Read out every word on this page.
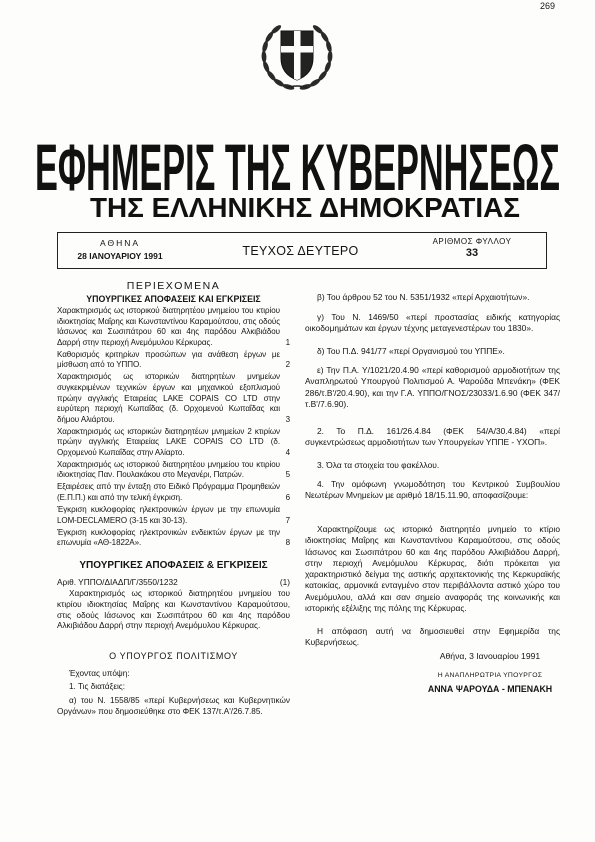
269
ΕΦΗΜΕΡΙΣ ΤΗΣ ΚΥΒΕΡΝΗΣΕΩΣ
ΤΗΣ ΕΛΛΗΝΙΚΗΣ ΔΗΜΟΚΡΑΤΙΑΣ
ΑΘΗΝΑ
28 ΙΑΝΟΥΑΡΙΟΥ 1991	ΤΕΥΧΟΣ ΔΕΥΤΕΡΟ
ΑΡΙΘΜΟΣ ΦΥΛΛΟΥ
33
ΠΕΡΙΕΧΟΜΕΝΑ
ΥΠΟΥΡΓΙΚΕΣ ΑΠΟΦΑΣΕΙΣ ΚΑΙ ΕΓΚΡΙΣΕΙΣ
Χαρακτηρισμός ως ιστορικού διατηρητέου μνημείου του κτιρίου ιδιοκτησίας Μαΐρης και Κωνσταντίνου Καραμούτσου, στις οδούς Ιάσωνος και Σωσιπάτρου 60 και 4ης παρόδου Αλκιβιάδου Δαρρή στην περιοχή Ανεμόμυλου Κέρκυρας.	1
Καθορισμός κριτηρίων προσώπων για ανάθεση έργων με μίσθωση από το ΥΠΠΟ.	2
Χαρακτηρισμός ως ιστορικών διατηρητέων μνημείων συγκεκριμένων τεχνικών έργων και μηχανικού εξοπλισμού πρώην αγγλικής Εταιρείας LAKE COPAIS CO LTD στην ευρύτερη περιοχή Κωπαΐδας (δ. Ορχομενού Κωπαΐδας και δήμου Αλιάρτου.	3
Χαρακτηρισμός ως ιστορικών διατηρητέων μνημείων 2 κτιρίων πρώην αγγλικής Εταιρείας LAKE COPAIS CO LTD (δ. Ορχομενού Κωπαΐδας στην Αλίαρτο.	4
Χαρακτηρισμός ως ιστορικού διατηρητέου μνημείου του κτιρίου ιδιοκτησίας Παν. Πουλακάκου στο Μεγανέρι, Πατρών.	5
Εξαιρέσεις από την ένταξη στο Ειδικό Πρόγραμμα Προμηθειών (Ε.Π.Π.) και από την τελική έγκριση.	6
Έγκριση κυκλοφορίας ηλεκτρονικών έργων με την επωνυμία LOM-DECLAMERO (3-15 και 30-13).	7
Έγκριση κυκλοφορίας ηλεκτρονικών ενδεικτών έργων με την επωνυμία «ΑΘ-1822Α».	8
ΥΠΟΥΡΓΙΚΕΣ ΑΠΟΦΑΣΕΙΣ & ΕΓΚΡΙΣΕΙΣ
Αριθ. ΥΠΠΟ/ΔΙΑΔΠ/Γ/3550/1232	(1)
Χαρακτηρισμός ως ιστορικού διατηρητέου μνημείου του κτιρίου ιδιοκτησίας Μαΐρης και Κωνσταντίνου Καραμούτσου, στις οδούς Ιάσωνος και Σωσιπάτρου 60 και 4ης παρόδου Αλκιβιάδου Δαρρή στην περιοχή Ανεμόμυλου Κέρκυρας.
Ο ΥΠΟΥΡΓΟΣ ΠΟΛΙΤΙΣΜΟΥ
Έχοντας υπόψη:
1. Τις διατάξεις:
α) του Ν. 1558/85 «περί Κυβερνήσεως και Κυβερνητικών Οργάνων» που δημοσιεύθηκε στο ΦΕΚ 137/τ.Α'/26.7.85.
β) Του άρθρου 52 του Ν. 5351/1932 «περί Αρχαιοτήτων».
γ) Του Ν. 1469/50 «περί προστασίας ειδικής κατηγορίας οικοδομημάτων και έργων τέχνης μεταγενεστέρων του 1830».
δ) Του Π.Δ. 941/77 «περί Οργανισμού του ΥΠΠΕ».
ε) Την Π.Α. Υ/1021/20.4.90 «περί καθορισμού αρμοδιοτήτων της Αναπληρωτού Υπουργού Πολιτισμού Α. Ψαρούδα Μπενάκη» (ΦΕΚ 286/τ.Β'/20.4.90), και την Γ.Α. ΥΠΠΟ/ΓΝΟΣ/23033/1.6.90 (ΦΕΚ 347/τ.Β'/7.6.90).
2. Το Π.Δ. 161/26.4.84 (ΦΕΚ 54/Α/30.4.84) «περί συγκεντρώσεως αρμοδιοτήτων των Υπουργείων ΥΠΠΕ - ΥΧΟΠ».
3. Όλα τα στοιχεία του φακέλλου.
4. Την ομόφωνη γνωμοδότηση του Κεντρικού Συμβουλίου Νεωτέρων Μνημείων με αριθμό 18/15.11.90, αποφασίζουμε:
Χαρακτηρίζουμε ως ιστορικό διατηρητέο μνημείο το κτίριο ιδιοκτησίας Μαΐρης και Κωνσταντίνου Καραμούτσου, στις οδούς Ιάσωνος και Σωσιπάτρου 60 και 4ης παρόδου Αλκιβιάδου Δαρρή, στην περιοχή Ανεμόμυλου Κέρκυρας, διότι πρόκειται για χαρακτηριστικό δείγμα της αστικής αρχιτεκτονικής της Κερκυραϊκής κατοικίας, αρμονικά ενταγμένο στον περιβάλλοντα αστικό χώρο του Ανεμόμυλου, αλλά και σαν σημείο αναφοράς της κοινωνικής και ιστορικής εξέλιξης της πόλης της Κέρκυρας.
Η απόφαση αυτή να δημοσιευθεί στην Εφημερίδα της Κυβερνήσεως.
Αθήνα, 3 Ιανουαρίου 1991
Η ΑΝΑΠΛΗΡΩΤΡΙΑ ΥΠΟΥΡΓΟΣ
ΑΝΝΑ ΨΑΡΟΥΔΑ - ΜΠΕΝΑΚΗ
